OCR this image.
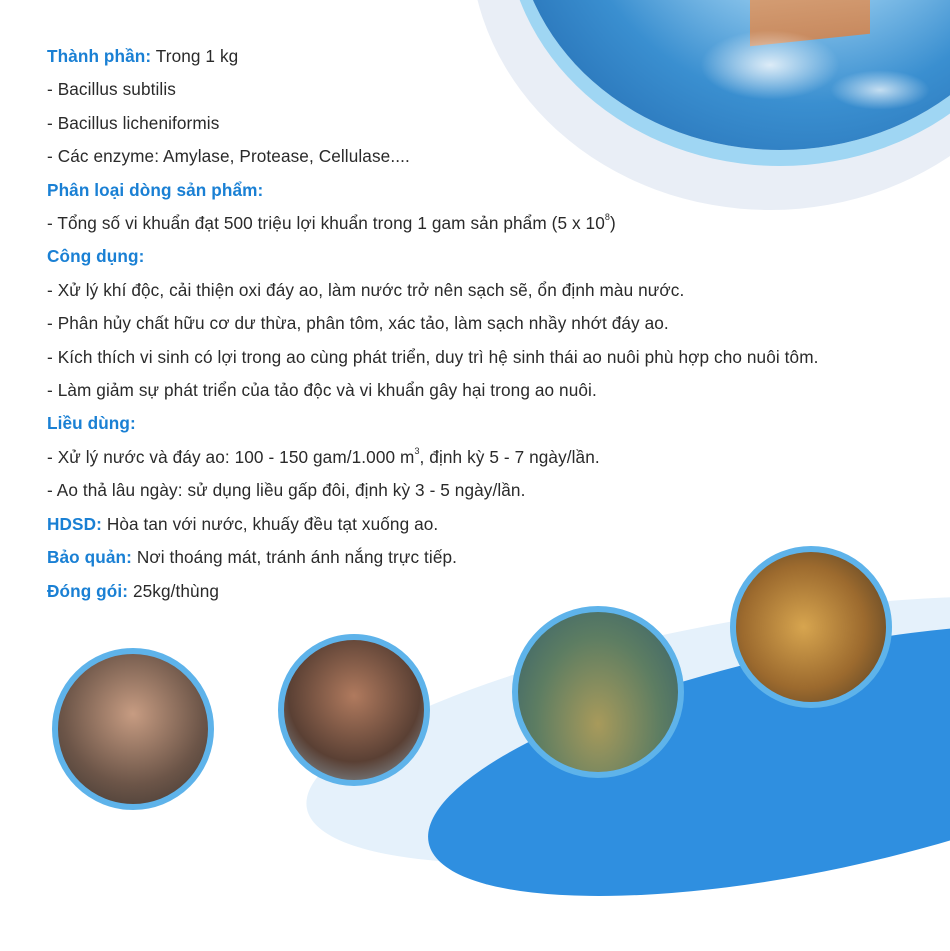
Thành phần: Trong 1 kg
- Bacillus subtilis
- Bacillus licheniformis
- Các enzyme: Amylase, Protease, Cellulase....
Phân loại dòng sản phẩm:
- Tổng số vi khuẩn đạt 500 triệu lợi khuẩn trong 1 gam sản phẩm (5 x $10^8$)
Công dụng:
- Xử lý khí độc, cải thiện oxi đáy ao, làm nước trở nên sạch sẽ, ổn định màu nước.
- Phân hủy chất hữu cơ dư thừa, phân tôm, xác tảo, làm sạch nhầy nhớt đáy ao.
- Kích thích vi sinh có lợi trong ao cùng phát triển, duy trì hệ sinh thái ao nuôi phù hợp cho nuôi tôm.
- Làm giảm sự phát triển của tảo độc và vi khuẩn gây hại trong ao nuôi.
Liều dùng:
- Xử lý nước và đáy ao: 100 - 150 gam/1.000 $m^3$, định kỳ 5 - 7 ngày/lần.
- Ao thả lâu ngày: sử dụng liều gấp đôi, định kỳ 3 - 5 ngày/lần.
HDSD: Hòa tan với nước, khuấy đều tạt xuống ao.
Bảo quản: Nơi thoáng mát, tránh ánh nắng trực tiếp.
Đóng gói: 25kg/thùng
